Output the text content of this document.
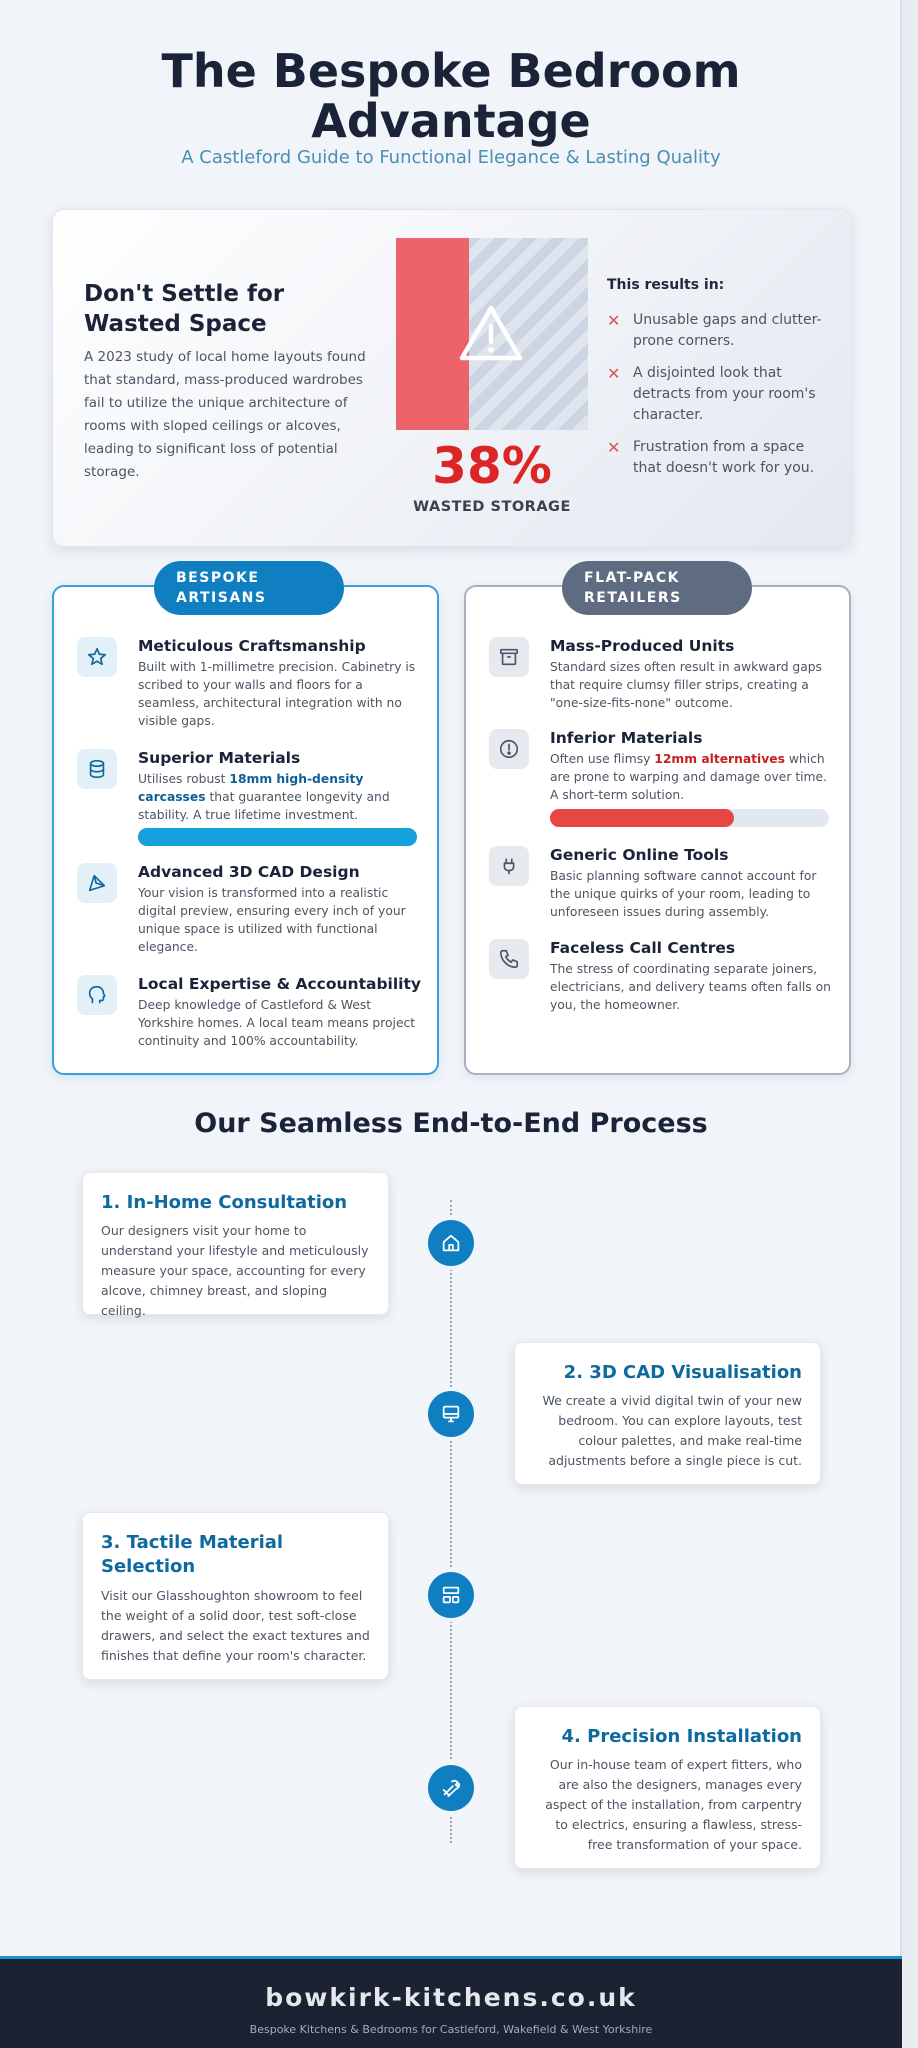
The Bespoke Bedroom
Advantage
A Castleford Guide to Functional Elegance & Lasting Quality
Don't Settle for Wasted Space
A 2023 study of local home layouts found that standard, mass-produced wardrobes fail to utilize the unique architecture of rooms with sloped ceilings or alcoves, leading to significant loss of potential storage.	38%
WASTED STORAGE
This results in:
✕ Unusable gaps and clutter-prone corners.
✕ A disjointed look that detracts from your room's character.
✕ Frustration from a space that doesn't work for you.
BESPOKE
ARTISANS
Meticulous Craftsmanship
Built with 1-millimetre precision. Cabinetry is scribed to your walls and floors for a seamless, architectural integration with no visible gaps.
Superior Materials
Utilises robust 18mm high-density carcasses that guarantee longevity and stability. A true lifetime investment.
Advanced 3D CAD Design
Your vision is transformed into a realistic digital preview, ensuring every inch of your unique space is utilized with functional elegance.
Local Expertise & Accountability
Deep knowledge of Castleford & West Yorkshire homes. A local team means project continuity and 100% accountability.
FLAT-PACK
RETAILERS
Mass-Produced Units
Standard sizes often result in awkward gaps that require clumsy filler strips, creating a "one-size-fits-none" outcome.
Inferior Materials
Often use flimsy 12mm alternatives which are prone to warping and damage over time. A short-term solution.
Generic Online Tools
Basic planning software cannot account for the unique quirks of your room, leading to unforeseen issues during assembly.
Faceless Call Centres
The stress of coordinating separate joiners, electricians, and delivery teams often falls on you, the homeowner.
Our Seamless End-to-End Process
1. In-Home Consultation
Our designers visit your home to understand your lifestyle and meticulously measure your space, accounting for every alcove, chimney breast, and sloping ceiling.
2. 3D CAD Visualisation
We create a vivid digital twin of your new bedroom. You can explore layouts, test colour palettes, and make real-time adjustments before a single piece is cut.
3. Tactile Material Selection
Visit our Glasshoughton showroom to feel the weight of a solid door, test soft-close drawers, and select the exact textures and finishes that define your room's character.
4. Precision Installation
Our in-house team of expert fitters, who are also the designers, manages every aspect of the installation, from carpentry to electrics, ensuring a flawless, stress-free transformation of your space.
bowkirk-kitchens.co.uk
Bespoke Kitchens & Bedrooms for Castleford, Wakefield & West Yorkshire
